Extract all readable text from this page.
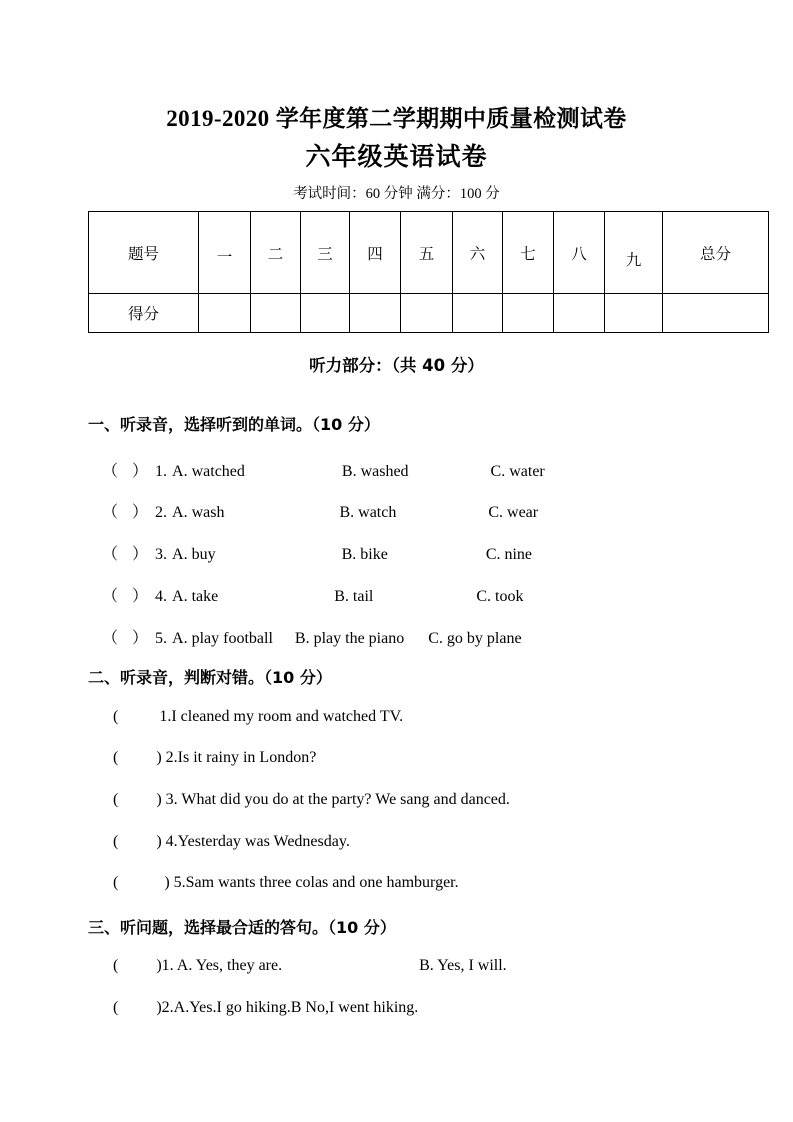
2019-2020 学年度第二学期期中质量检测试卷
六年级英语试卷
考试时间：60 分钟 满分：100 分
题号	一	二	三	四	五	六	七	八	九	总分
得分										
听力部分：（共 40 分）
一、听录音，选择听到的单词。（10 分）
（ ） 1. A. watched	B. washed	C. water
（ ） 2. A. wash	B. watch	C. wear
（ ） 3. A. buy	B. bike	C. nine
（ ） 4. A. take	B. tail	C. took
（ ） 5. A. play football B. play the piano C. go by plane
二、听录音，判断对错。（10 分）
(	1.I cleaned my room and watched TV.
( ) 2.Is it rainy in London?
( ) 3. What did you do at the party? We sang and danced.
( ) 4.Yesterday was Wednesday.
(	) 5.Sam wants three colas and one hamburger.
三、听问题，选择最合适的答句。（10 分）
( )1. A. Yes, they are.	B. Yes, I will.
( )2.A.Yes.I go hiking.B No,I went hiking.
